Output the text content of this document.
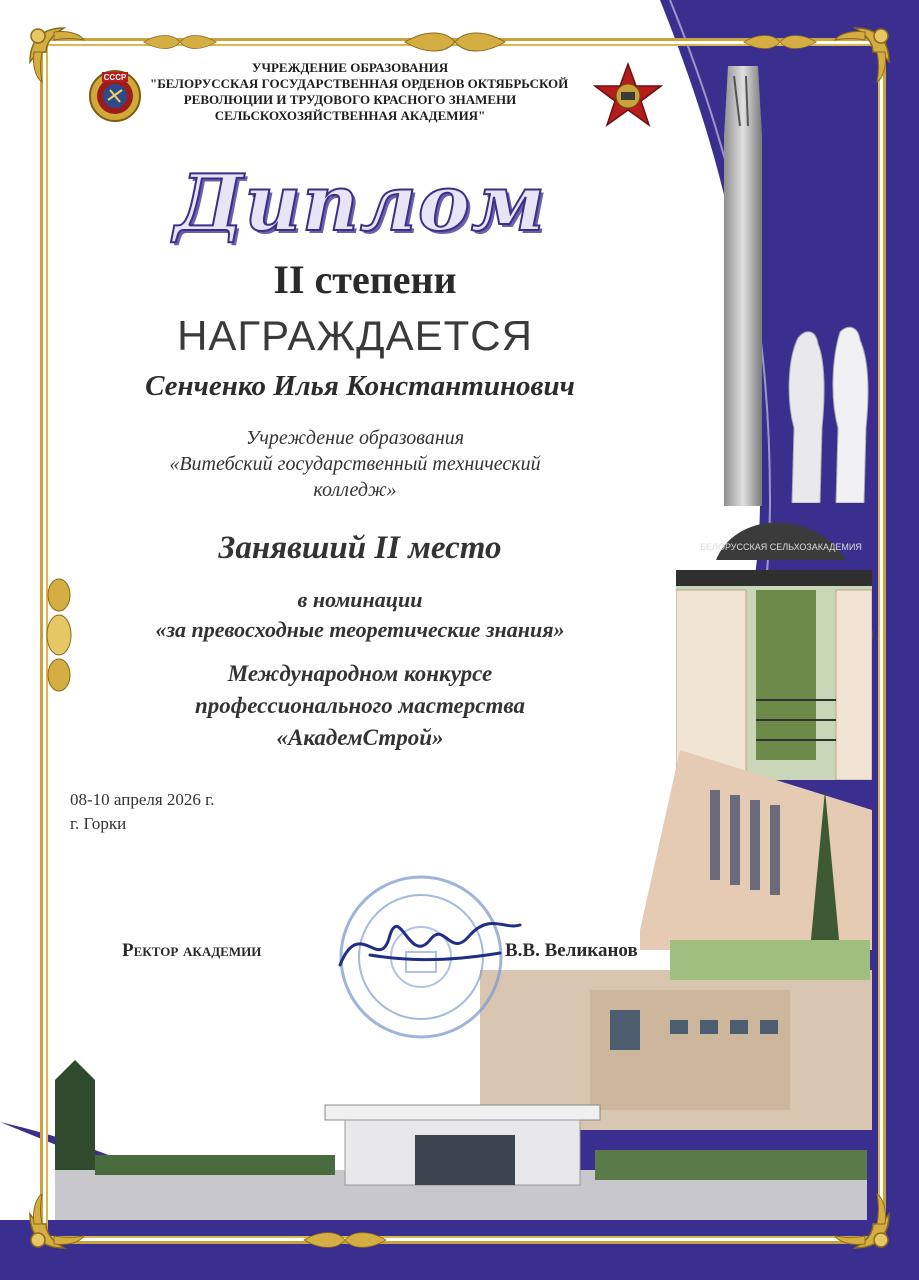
СССР
УЧРЕЖДЕНИЕ ОБРАЗОВАНИЯ
"БЕЛОРУССКАЯ ГОСУДАРСТВЕННАЯ ОРДЕНОВ ОКТЯБРЬСКОЙ
РЕВОЛЮЦИИ И ТРУДОВОГО КРАСНОГО ЗНАМЕНИ
СЕЛЬСКОХОЗЯЙСТВЕННАЯ АКАДЕМИЯ"
БЕЛОРУССКАЯ СЕЛЬХОЗАКАДЕМИЯ
Диплом
II степени
НАГРАЖДАЕТСЯ
Сенченко Илья Константинович
Учреждение образования
«Витебский государственный технический
колледж»
Занявший II место
в номинации
«за превосходные теоретические знания»
Международном конкурсе
профессионального мастерства
«АкадемСтрой»
08-10 апреля 2026 г.
г. Горки
Ректор академии	В.В. Великанов
